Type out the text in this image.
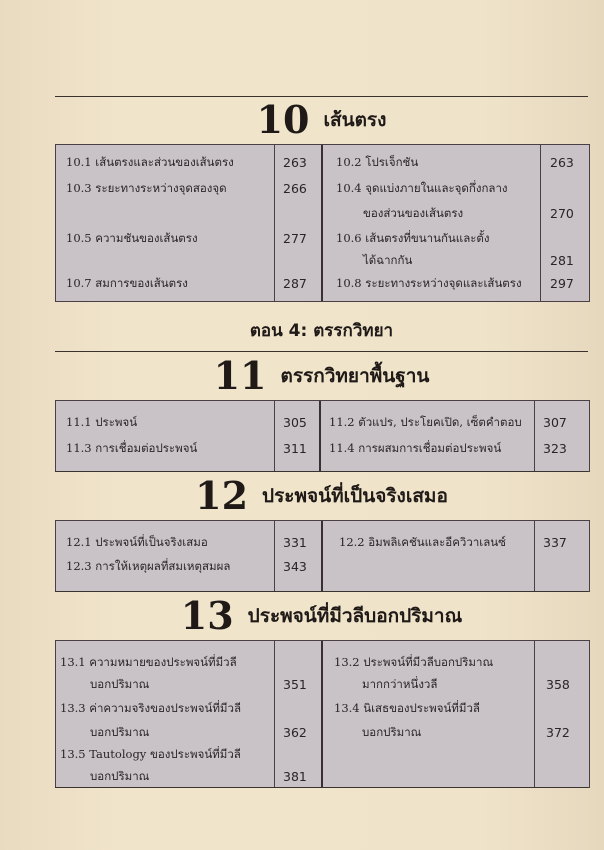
10 เส้นตรง
10.1 เส้นตรงและส่วนของเส้นตรง	263
10.3 ระยะทางระหว่างจุดสองจุด	266
10.5 ความชันของเส้นตรง	277
10.7 สมการของเส้นตรง	287
10.2 โปรเจ็กชัน	263
10.4 จุดแบ่งภายในและจุดกึ่งกลาง
ของส่วนของเส้นตรง	270
10.6 เส้นตรงที่ขนานกันและตั้ง
ได้ฉากกัน	281
10.8 ระยะทางระหว่างจุดและเส้นตรง 297
ตอน 4: ตรรกวิทยา
11 ตรรกวิทยาพื้นฐาน
11.1 ประพจน์	305
11.3 การเชื่อมต่อประพจน์	311
11.2 ตัวแปร, ประโยคเปิด, เซ็ตคำตอบ 307
11.4 การผสมการเชื่อมต่อประพจน์	323
12 ประพจน์ที่เป็นจริงเสมอ
12.1 ประพจน์ที่เป็นจริงเสมอ	331
12.3 การให้เหตุผลที่สมเหตุสมผล	343
12.2 อิมพลิเคชันและอีควิวาเลนซ์	337
13 ประพจน์ที่มีวลีบอกปริมาณ
13.1 ความหมายของประพจน์ที่มีวลี
บอกปริมาณ	351
13.3 ค่าความจริงของประพจน์ที่มีวลี
บอกปริมาณ	362
13.5 Tautology ของประพจน์ที่มีวลี
บอกปริมาณ	381
13.2 ประพจน์ที่มีวลีบอกปริมาณ
มากกว่าหนึ่งวลี	358
13.4 นิเสธของประพจน์ที่มีวลี
บอกปริมาณ	372
